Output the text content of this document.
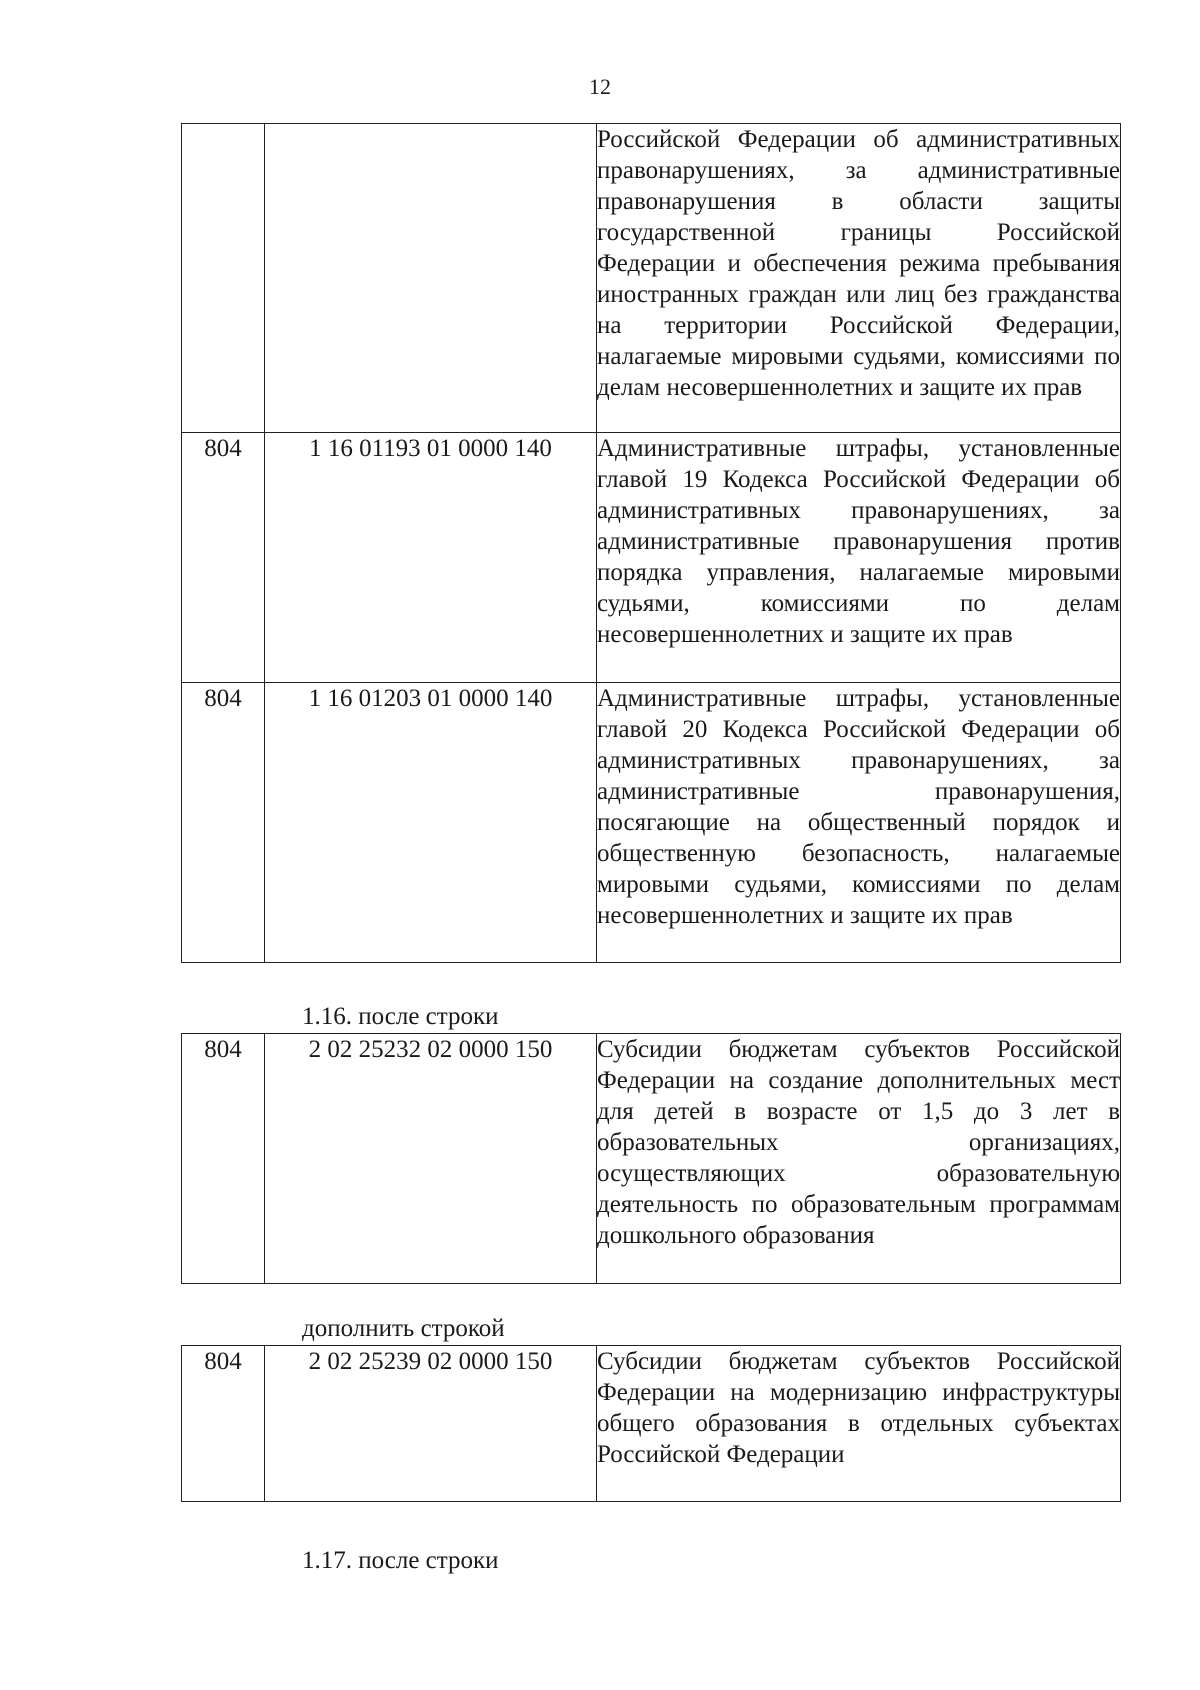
12
		Российской Федерации об административных правонарушениях, за административные правонарушения в области защиты государственной границы Российской Федерации и обеспечения режима пребывания иностранных граждан или лиц без гражданства на территории Российской Федерации, налагаемые мировыми судьями, комиссиями по делам несовершеннолетних и защите их прав
804	1 16 01193 01 0000 140	Административные штрафы, установленные главой 19 Кодекса Российской Федерации об административных правонарушениях, за административные правонарушения против порядка управления, налагаемые мировыми судьями, комиссиями по делам несовершеннолетних и защите их прав
804	1 16 01203 01 0000 140	Административные штрафы, установленные главой 20 Кодекса Российской Федерации об административных правонарушениях, за административные правонарушения, посягающие на общественный порядок и общественную безопасность, налагаемые мировыми судьями, комиссиями по делам несовершеннолетних и защите их прав
1.16. после строки
804	2 02 25232 02 0000 150	Субсидии бюджетам субъектов Российской Федерации на создание дополнительных мест для детей в возрасте от 1,5 до 3 лет в образовательных организациях, осуществляющих образовательную деятельность по образовательным программам дошкольного образования
дополнить строкой
804	2 02 25239 02 0000 150	Субсидии бюджетам субъектов Российской Федерации на модернизацию инфраструктуры общего образования в отдельных субъектах Российской Федерации
1.17. после строки
